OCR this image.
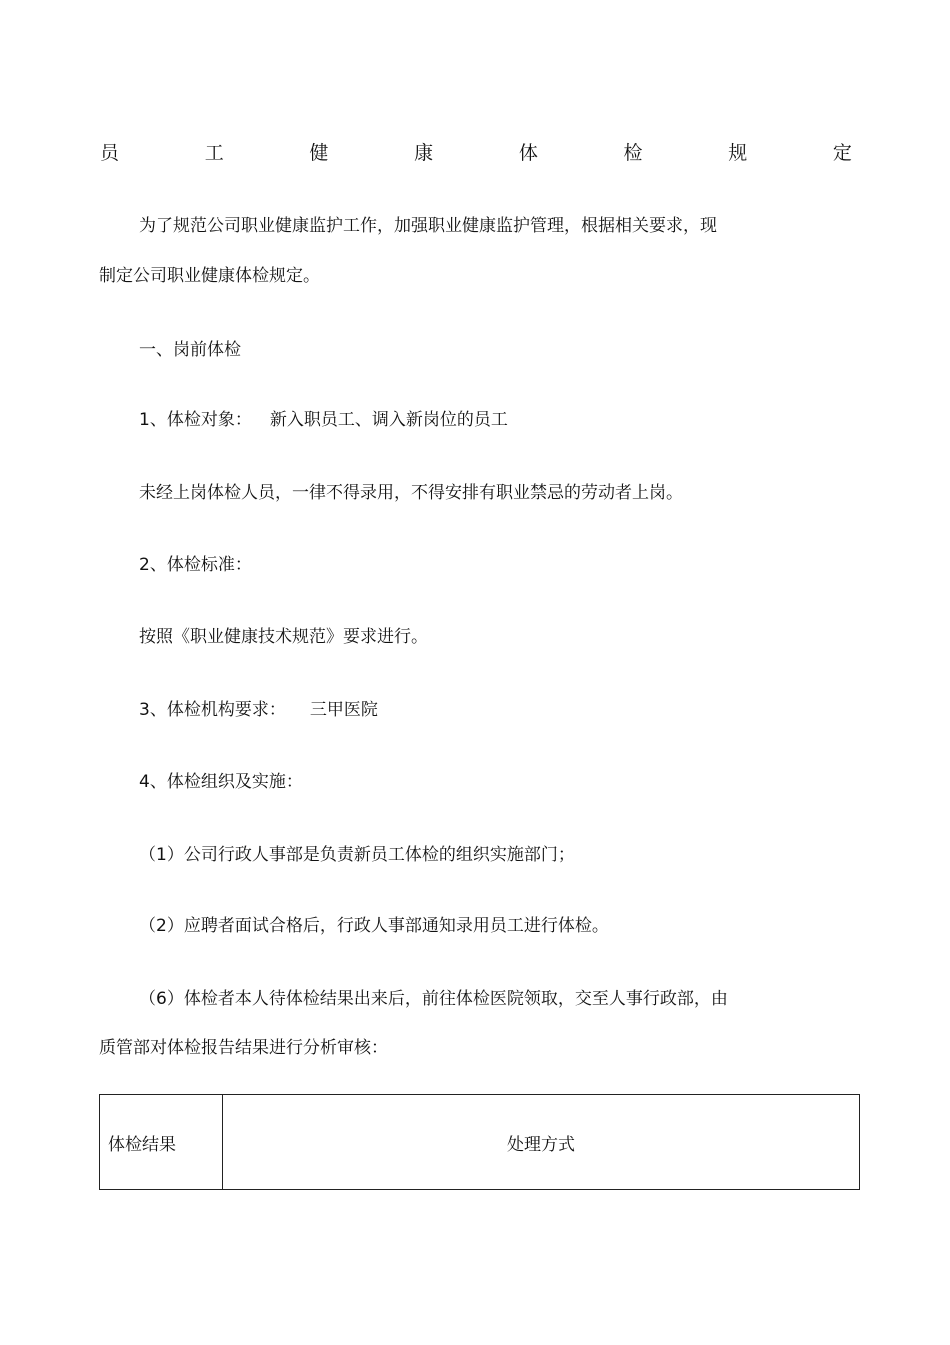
员	工	健	康	体	检	规	定
为了规范公司职业健康监护工作，加强职业健康监护管理，根据相关要求，现
制定公司职业健康体检规定。
一、岗前体检
1、体检对象： 新入职员工、调入新岗位的员工
未经上岗体检人员，一律不得录用，不得安排有职业禁忌的劳动者上岗。
2、体检标准：
按照《职业健康技术规范》要求进行。
3、体检机构要求： 三甲医院
4、体检组织及实施：
（1）公司行政人事部是负责新员工体检的组织实施部门；
（2）应聘者面试合格后，行政人事部通知录用员工进行体检。
（6）体检者本人待体检结果出来后，前往体检医院领取，交至人事行政部，由
质管部对体检报告结果进行分析审核：
体检结果	处理方式
